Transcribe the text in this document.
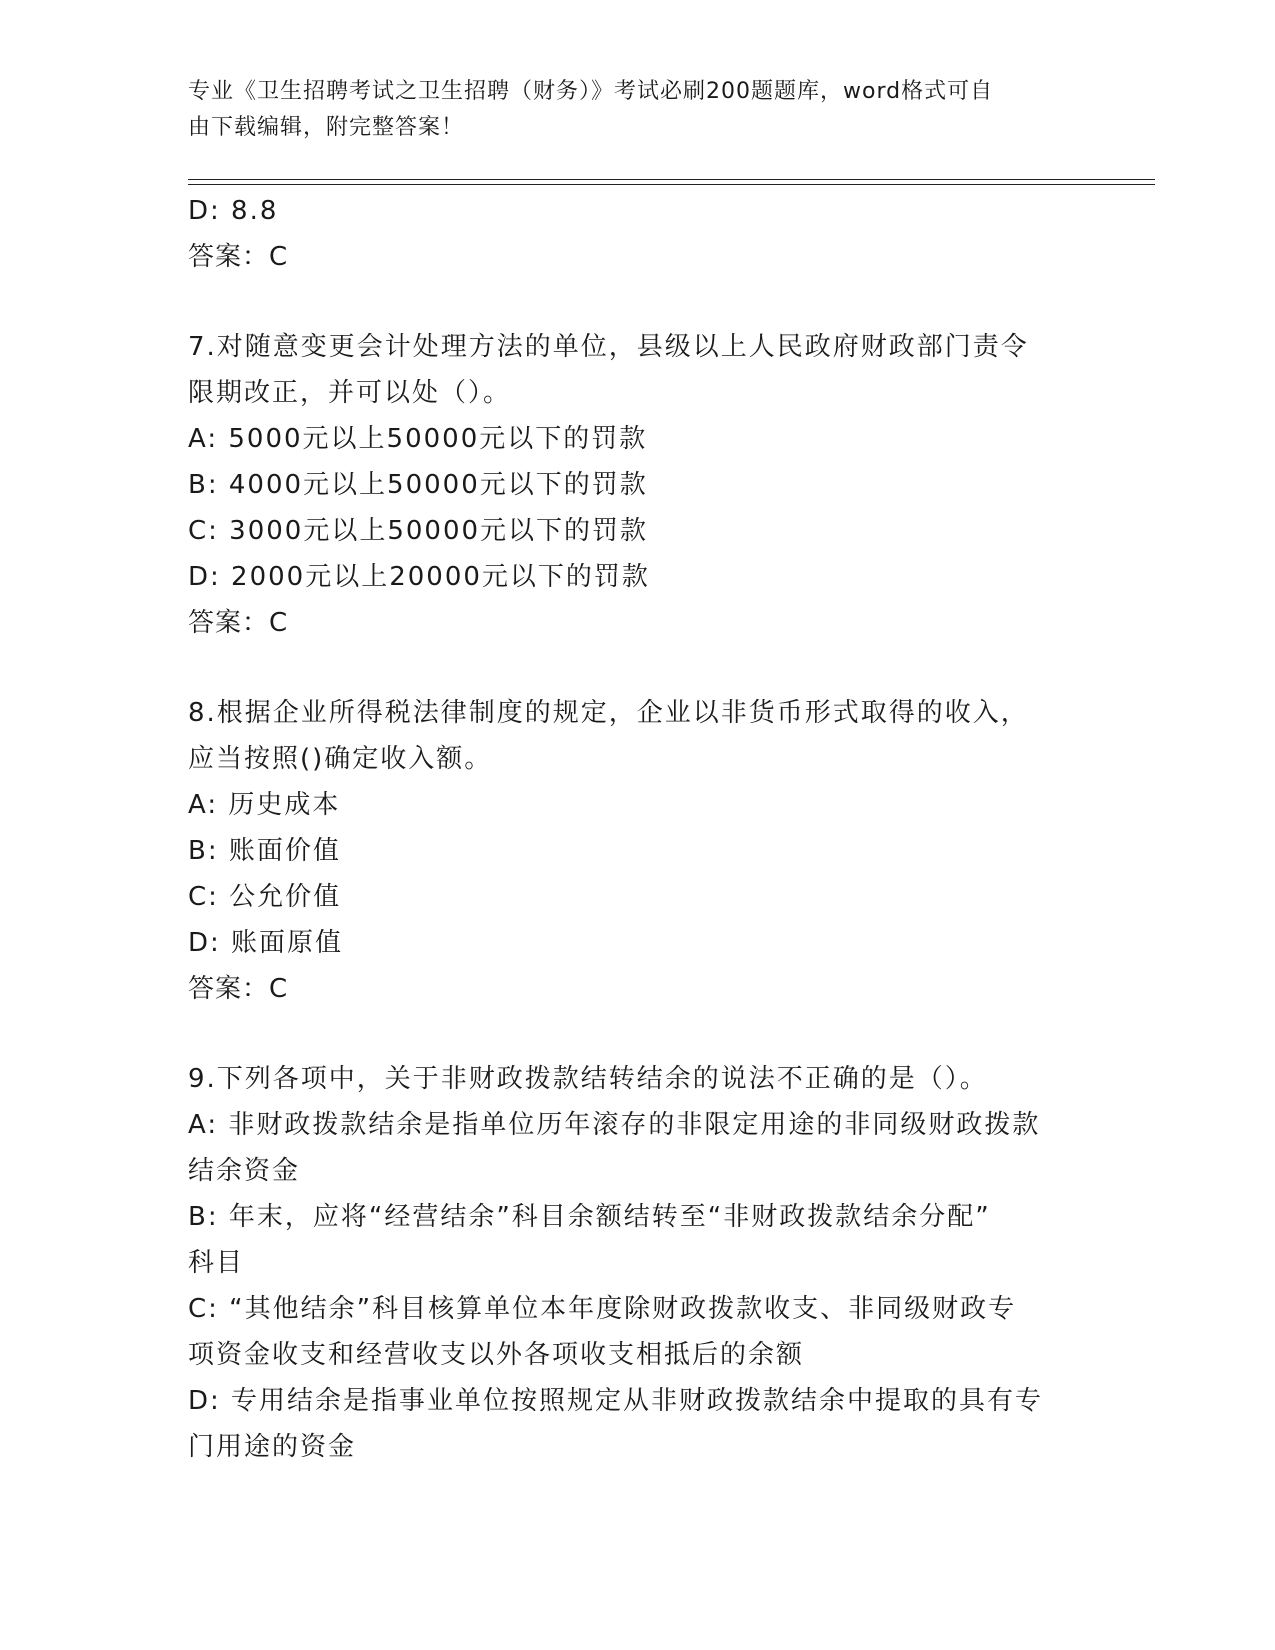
专业《卫生招聘考试之卫生招聘（财务）》考试必刷200题题库，word格式可自
由下载编辑，附完整答案！
D: 8.8
答案：C
7.对随意变更会计处理方法的单位，县级以上人民政府财政部门责令
限期改正，并可以处（）。
A: 5000元以上50000元以下的罚款
B: 4000元以上50000元以下的罚款
C: 3000元以上50000元以下的罚款
D: 2000元以上20000元以下的罚款
答案：C
8.根据企业所得税法律制度的规定，企业以非货币形式取得的收入，
应当按照()确定收入额。
A: 历史成本
B: 账面价值
C: 公允价值
D: 账面原值
答案：C
9.下列各项中，关于非财政拨款结转结余的说法不正确的是（）。
A: 非财政拨款结余是指单位历年滚存的非限定用途的非同级财政拨款
结余资金
B: 年末，应将“经营结余”科目余额结转至“非财政拨款结余分配”
科目
C: “其他结余”科目核算单位本年度除财政拨款收支、非同级财政专
项资金收支和经营收支以外各项收支相抵后的余额
D: 专用结余是指事业单位按照规定从非财政拨款结余中提取的具有专
门用途的资金
